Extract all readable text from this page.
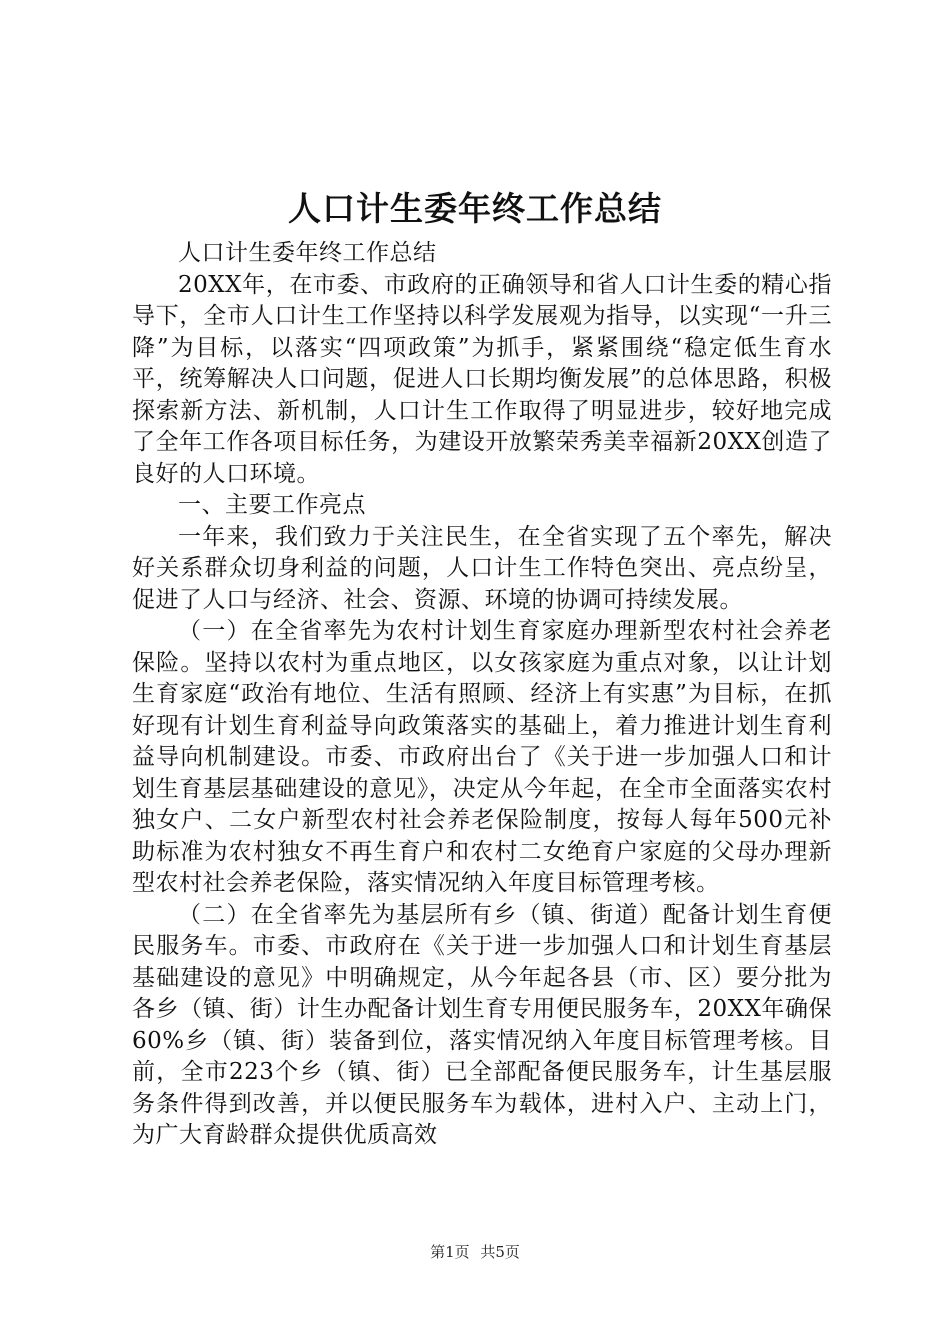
人口计生委年终工作总结

人口计生委年终工作总结

20XX年，在市委、市政府的正确领导和省人口计生委的精心指导下，全市人口计生工作坚持以科学发展观为指导，以实现“一升三降”为目标，以落实“四项政策”为抓手，紧紧围绕“稳定低生育水平，统筹解决人口问题，促进人口长期均衡发展”的总体思路，积极探索新方法、新机制，人口计生工作取得了明显进步，较好地完成了全年工作各项目标任务，为建设开放繁荣秀美幸福新20XX创造了良好的人口环境。

一、主要工作亮点

一年来，我们致力于关注民生，在全省实现了五个率先，解决好关系群众切身利益的问题，人口计生工作特色突出、亮点纷呈，促进了人口与经济、社会、资源、环境的协调可持续发展。

（一）在全省率先为农村计划生育家庭办理新型农村社会养老保险。坚持以农村为重点地区，以女孩家庭为重点对象，以让计划生育家庭“政治有地位、生活有照顾、经济上有实惠”为目标，在抓好现有计划生育利益导向政策落实的基础上，着力推进计划生育利益导向机制建设。市委、市政府出台了《关于进一步加强人口和计划生育基层基础建设的意见》，决定从今年起，在全市全面落实农村独女户、二女户新型农村社会养老保险制度，按每人每年500元补助标准为农村独女不再生育户和农村二女绝育户家庭的父母办理新型农村社会养老保险，落实情况纳入年度目标管理考核。

（二）在全省率先为基层所有乡（镇、街道）配备计划生育便民服务车。市委、市政府在《关于进一步加强人口和计划生育基层基础建设的意见》中明确规定，从今年起各县（市、区）要分批为各乡（镇、街）计生办配备计划生育专用便民服务车，20XX年确保60%乡（镇、街）装备到位，落实情况纳入年度目标管理考核。目前，全市223个乡（镇、街）已全部配备便民服务车，计生基层服务条件得到改善，并以便民服务车为载体，进村入户、主动上门，为广大育龄群众提供优质高效

第1页 共5页
